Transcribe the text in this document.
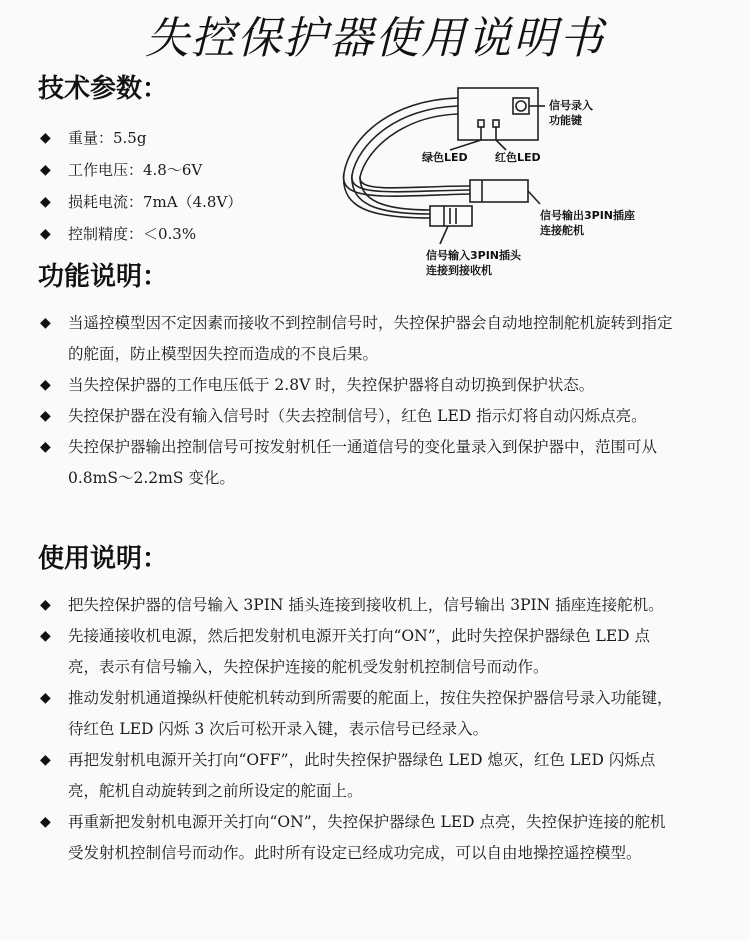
失控保护器使用说明书
技术参数：
◆	重量：5.5g
◆	工作电压：4.8～6V
◆	损耗电流：7mA（4.8V）
◆	控制精度：＜0.3%
信号录入
功能键
绿色LED 红色LED
信号输出3PIN插座
连接舵机
信号输入3PIN插头
连接到接收机
功能说明：
◆	当遥控模型因不定因素而接收不到控制信号时，失控保护器会自动地控制舵机旋转到指定的舵面，防止模型因失控而造成的不良后果。
◆	当失控保护器的工作电压低于 2.8V 时，失控保护器将自动切换到保护状态。
◆	失控保护器在没有输入信号时（失去控制信号），红色 LED 指示灯将自动闪烁点亮。
◆	失控保护器输出控制信号可按发射机任一通道信号的变化量录入到保护器中，范围可从 0.8mS～2.2mS 变化。
使用说明：
◆	把失控保护器的信号输入 3PIN 插头连接到接收机上，信号输出 3PIN 插座连接舵机。
◆	先接通接收机电源，然后把发射机电源开关打向“ON”，此时失控保护器绿色 LED 点亮，表示有信号输入，失控保护连接的舵机受发射机控制信号而动作。
◆	推动发射机通道操纵杆使舵机转动到所需要的舵面上，按住失控保护器信号录入功能键，待红色 LED 闪烁 3 次后可松开录入键，表示信号已经录入。
◆	再把发射机电源开关打向“OFF”，此时失控保护器绿色 LED 熄灭，红色 LED 闪烁点亮，舵机自动旋转到之前所设定的舵面上。
◆	再重新把发射机电源开关打向“ON”，失控保护器绿色 LED 点亮，失控保护连接的舵机受发射机控制信号而动作。此时所有设定已经成功完成，可以自由地操控遥控模型。
